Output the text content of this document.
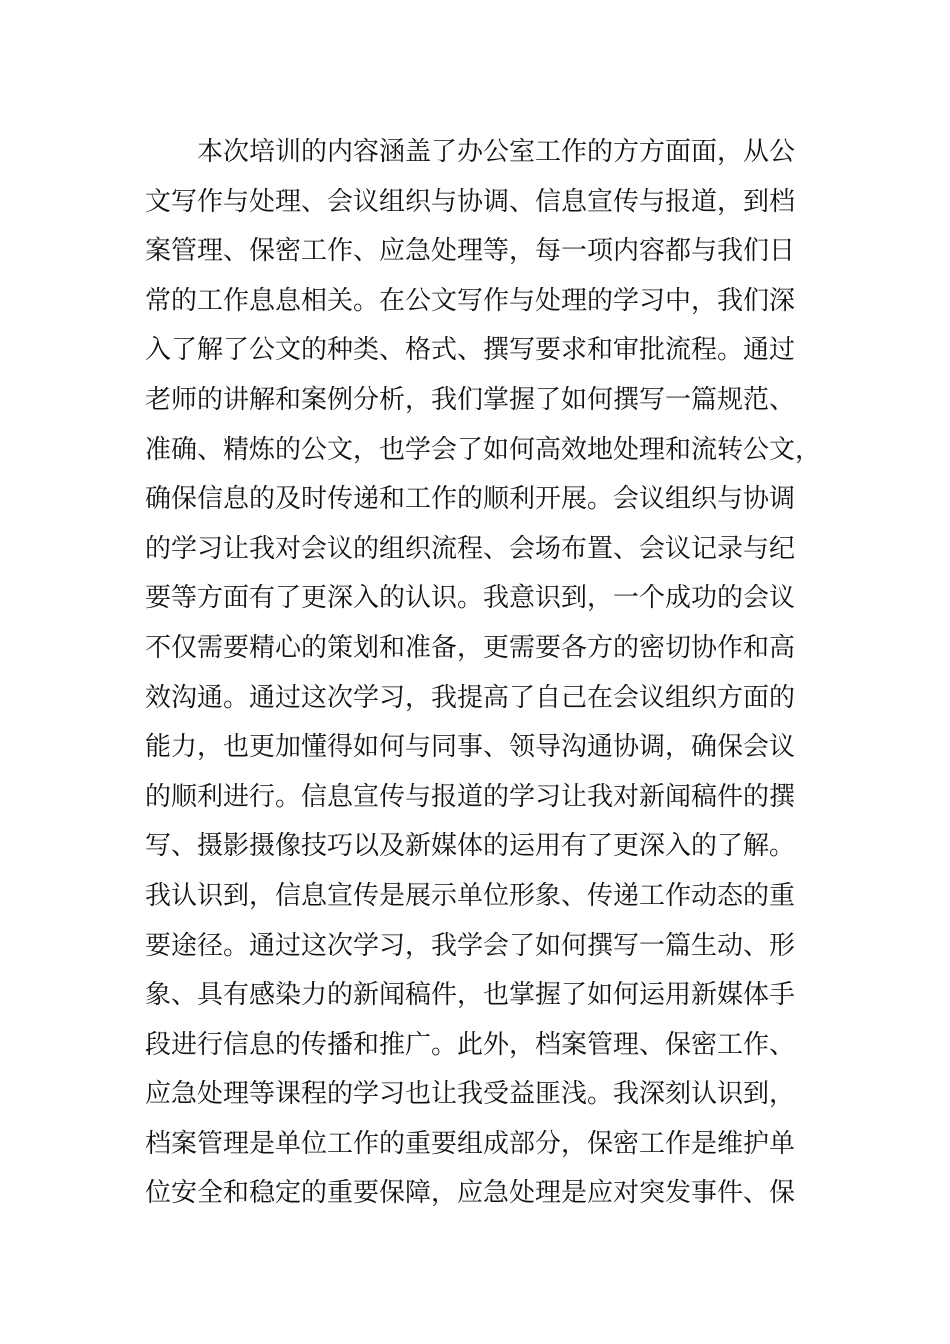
本次培训的内容涵盖了办公室工作的方方面面，从公
文写作与处理、会议组织与协调、信息宣传与报道，到档
案管理、保密工作、应急处理等，每一项内容都与我们日
常的工作息息相关。在公文写作与处理的学习中，我们深
入了解了公文的种类、格式、撰写要求和审批流程。通过
老师的讲解和案例分析，我们掌握了如何撰写一篇规范、
准确、精炼的公文，也学会了如何高效地处理和流转公文，
确保信息的及时传递和工作的顺利开展。会议组织与协调
的学习让我对会议的组织流程、会场布置、会议记录与纪
要等方面有了更深入的认识。我意识到，一个成功的会议
不仅需要精心的策划和准备，更需要各方的密切协作和高
效沟通。通过这次学习，我提高了自己在会议组织方面的
能力，也更加懂得如何与同事、领导沟通协调，确保会议
的顺利进行。信息宣传与报道的学习让我对新闻稿件的撰
写、摄影摄像技巧以及新媒体的运用有了更深入的了解。
我认识到，信息宣传是展示单位形象、传递工作动态的重
要途径。通过这次学习，我学会了如何撰写一篇生动、形
象、具有感染力的新闻稿件，也掌握了如何运用新媒体手
段进行信息的传播和推广。此外，档案管理、保密工作、
应急处理等课程的学习也让我受益匪浅。我深刻认识到，
档案管理是单位工作的重要组成部分，保密工作是维护单
位安全和稳定的重要保障，应急处理是应对突发事件、保
